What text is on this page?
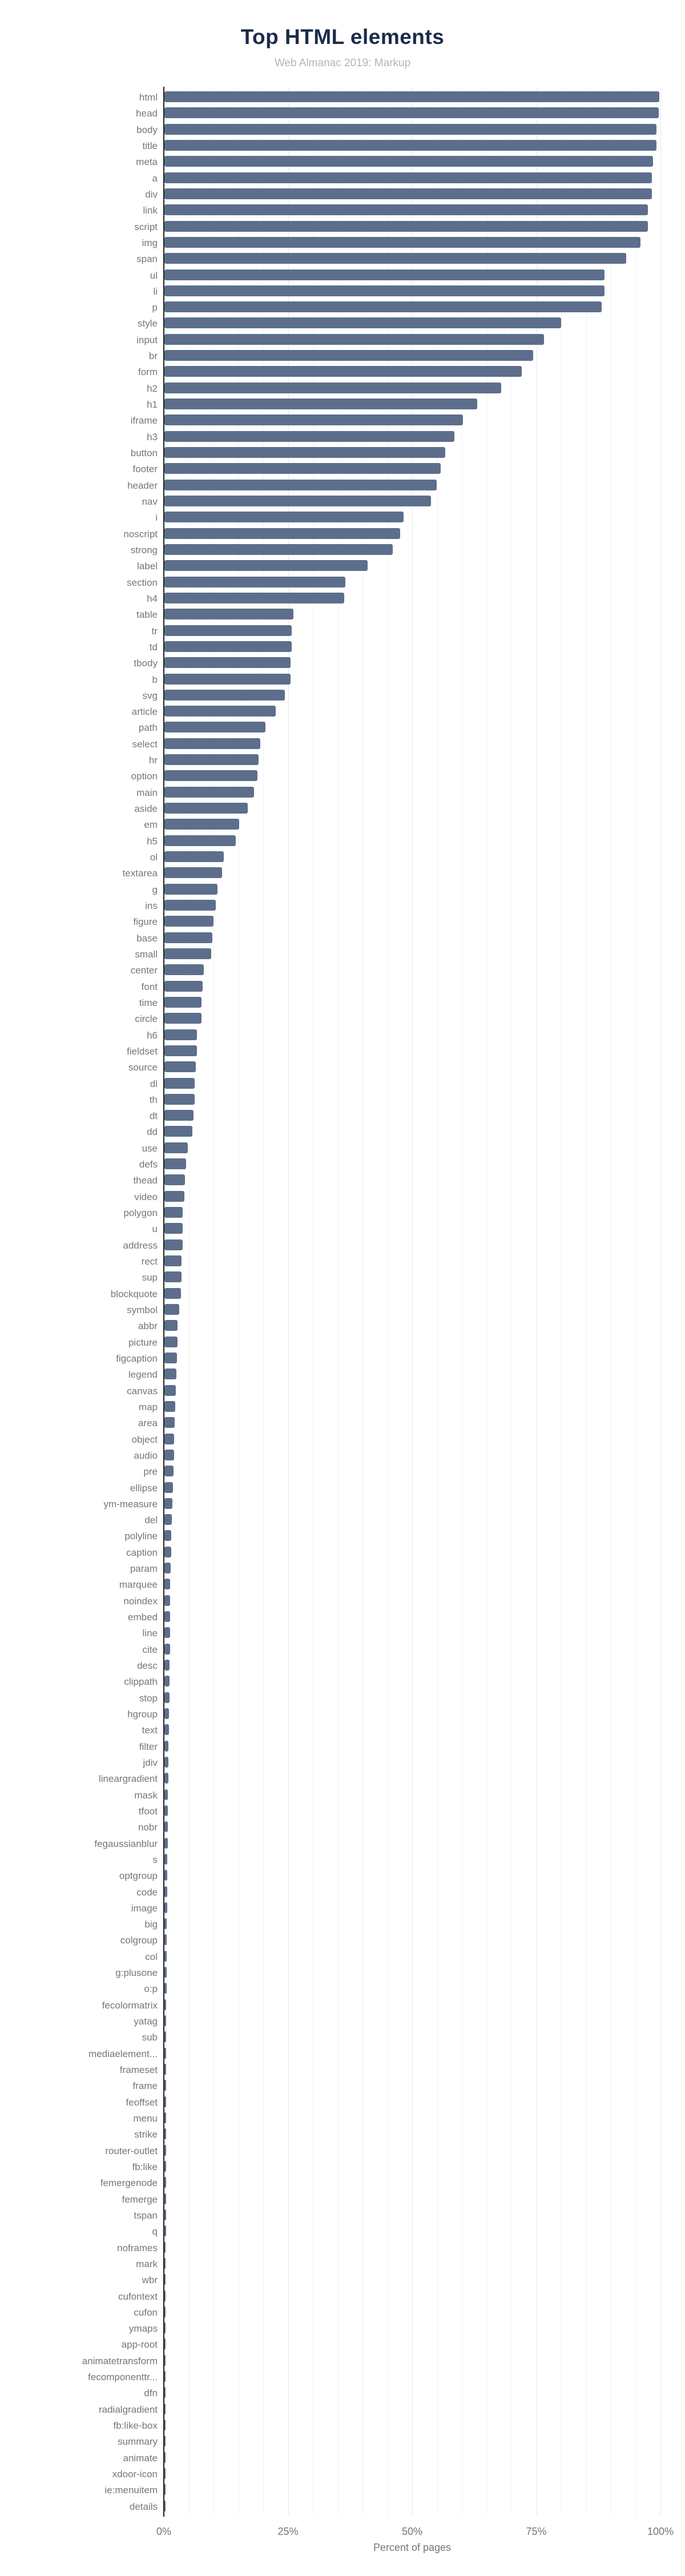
Top HTML elements
Web Almanac 2019: Markup
html
head
body
title
meta
a
div
link
script
img
span
ul
li
p
style
input
br
form
h2
h1
iframe
h3
button
footer
header
nav
i
noscript
strong
label
section
h4
table
tr
td
tbody
b
svg
article
path
select
hr
option
main
aside
em
h5
ol
textarea
g
ins
figure
base
small
center
font
time
circle
h6
fieldset
source
dl
th
dt
dd
use
defs
thead
video
polygon
u
address
rect
sup
blockquote
symbol
abbr
picture
figcaption
legend
canvas
map
area
object
audio
pre
ellipse
ym-measure
del
polyline
caption
param
marquee
noindex
embed
line
cite
desc
clippath
stop
hgroup
text
filter
jdiv
lineargradient
mask
tfoot
nobr
fegaussianblur
s
optgroup
code
image
big
colgroup
col
g:plusone
o:p
fecolormatrix
yatag
sub
mediaelement...
frameset
frame
feoffset
menu
strike
router-outlet
fb:like
femergenode
femerge
tspan
q
noframes
mark
wbr
cufontext
cufon
ymaps
app-root
animatetransform
fecomponenttr...
dfn
radialgradient
fb:like-box
summary
animate
xdoor-icon
ie:menuitem
details
0%	25%	50%	75%	100%
Percent of pages
